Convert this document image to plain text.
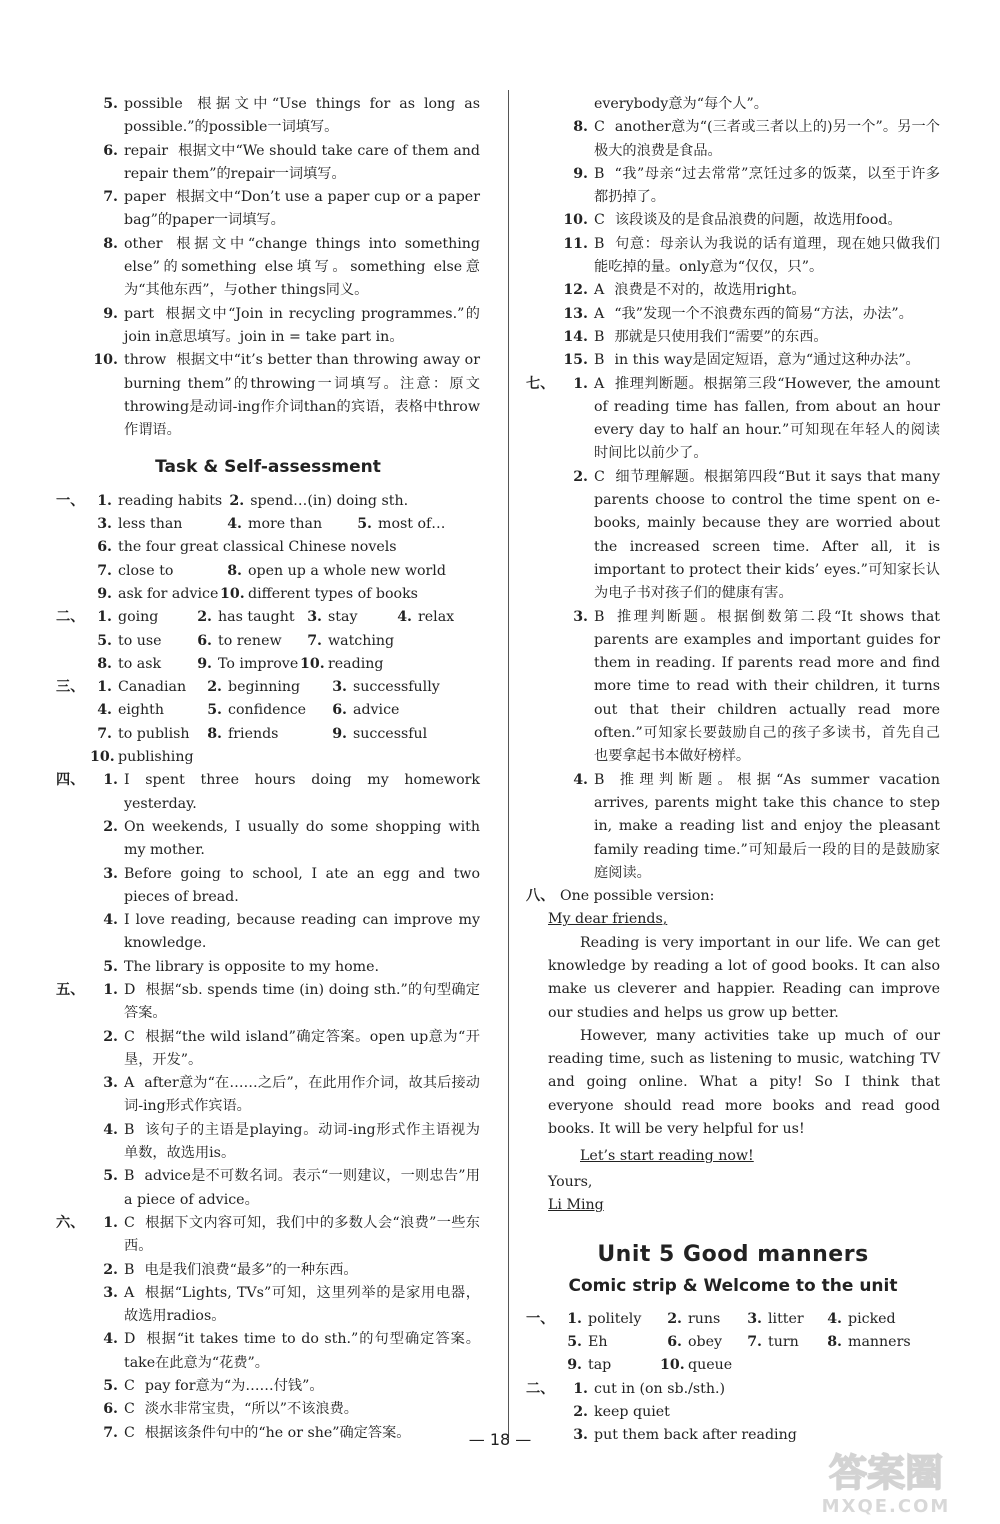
5. possible 根据文中“Use things for as long as possible.”的possible一词填写。
6. repair 根据文中“We should take care of them and repair them”的repair一词填写。
7. paper 根据文中“Don’t use a paper cup or a paper bag”的paper一词填写。
8. other 根据文中“change things into something else”的something else填写。something else意为“其他东西”，与other things同义。
9. part 根据文中“Join in recycling programmes.”的join in意思填写。join in = take part in。
10. throw 根据文中“it’s better than throwing away or burning them”的throwing一词填写。注意：原文throwing是动词-ing作介词than的宾语，表格中throw作谓语。
Task & Self-assessment
一、 1. reading habits 2. spend…(in) doing sth.
3. less than	4. more than	5. most of…
6. the four great classical Chinese novels
7. close to	8. open up a whole new world
9. ask for advice 10. different types of books
二、 1. going	2. has taught 3. stay	4. relax
5. to use	6. to renew	7. watching
8. to ask	9. To improve 10. reading
三、 1. Canadian	2. beginning	3. successfully
4. eighth	5. confidence	6. advice
7. to publish	8. friends	9. successful
10. publishing
四、	1. I spent three hours doing my homework yesterday.
2. On weekends, I usually do some shopping with my mother.
3. Before going to school, I ate an egg and two pieces of bread.
4. I love reading, because reading can improve my knowledge.
5. The library is opposite to my home.
五、	1. D 根据“sb. spends time (in) doing sth.”的句型确定答案。
2. C 根据“the wild island”确定答案。open up意为“开垦，开发”。
3. A after意为“在……之后”，在此用作介词，故其后接动词-ing形式作宾语。
4. B 该句子的主语是playing。动词-ing形式作主语视为单数，故选用is。
5. B advice是不可数名词。表示“一则建议，一则忠告”用a piece of advice。
六、	1. C 根据下文内容可知，我们中的多数人会“浪费”一些东西。
2. B 电是我们浪费“最多”的一种东西。
3. A 根据“Lights, TVs”可知，这里列举的是家用电器，故选用radios。
4. D 根据“it takes time to do sth.”的句型确定答案。take在此意为“花费”。
5. C pay for意为“为……付钱”。
6. C 淡水非常宝贵，“所以”不该浪费。
7. C 根据该条件句中的“he or she”确定答案。
everybody意为“每个人”。
8. C another意为“(三者或三者以上的)另一个”。另一个极大的浪费是食品。
9. B “我”母亲“过去常常”烹饪过多的饭菜，以至于许多都扔掉了。
10. C 该段谈及的是食品浪费的问题，故选用food。
11. B 句意：母亲认为我说的话有道理，现在她只做我们能吃掉的量。only意为“仅仅，只”。
12. A 浪费是不对的，故选用right。
13. A “我”发现一个不浪费东西的简易“方法，办法”。
14. B 那就是只使用我们“需要”的东西。
15. B in this way是固定短语，意为“通过这种办法”。
七、	1. A 推理判断题。根据第三段“However, the amount of reading time has fallen, from about an hour every day to half an hour.”可知现在年轻人的阅读时间比以前少了。
2. C 细节理解题。根据第四段“But it says that many parents choose to control the time spent on e-books, mainly because they are worried about the increased screen time. After all, it is important to protect their kids’ eyes.”可知家长认为电子书对孩子们的健康有害。
3. B 推理判断题。根据倒数第二段“It shows that parents are examples and important guides for them in reading. If parents read more and find more time to read with their children, it turns out that their children actually read more often.”可知家长要鼓励自己的孩子多读书，首先自己也要拿起书本做好榜样。
4. B 推理判断题。根据“As summer vacation arrives, parents might take this chance to step in, make a reading list and enjoy the pleasant family reading time.”可知最后一段的目的是鼓励家庭阅读。
八、 One possible version:

My dear friends,

Reading is very important in our life. We can get knowledge by reading a lot of good books. It can also make us cleverer and happier. Reading can improve our studies and helps us grow up better.

However, many activities take up much of our reading time, such as listening to music, watching TV and going online. What a pity! So I think that everyone should read more books and read good books. It will be very helpful for us!

Let’s start reading now!

Yours,

Li Ming

Unit 5 Good manners
Comic strip & Welcome to the unit
一、 1. politely	2. runs	3. litter	4. picked
5. Eh	6. obey	7. turn	8. manners
9. tap	10. queue
二、	1. cut in (on sb./sth.)
2. keep quiet
3. put them back after reading
— 18 —
答案圈
MXQE.COM
